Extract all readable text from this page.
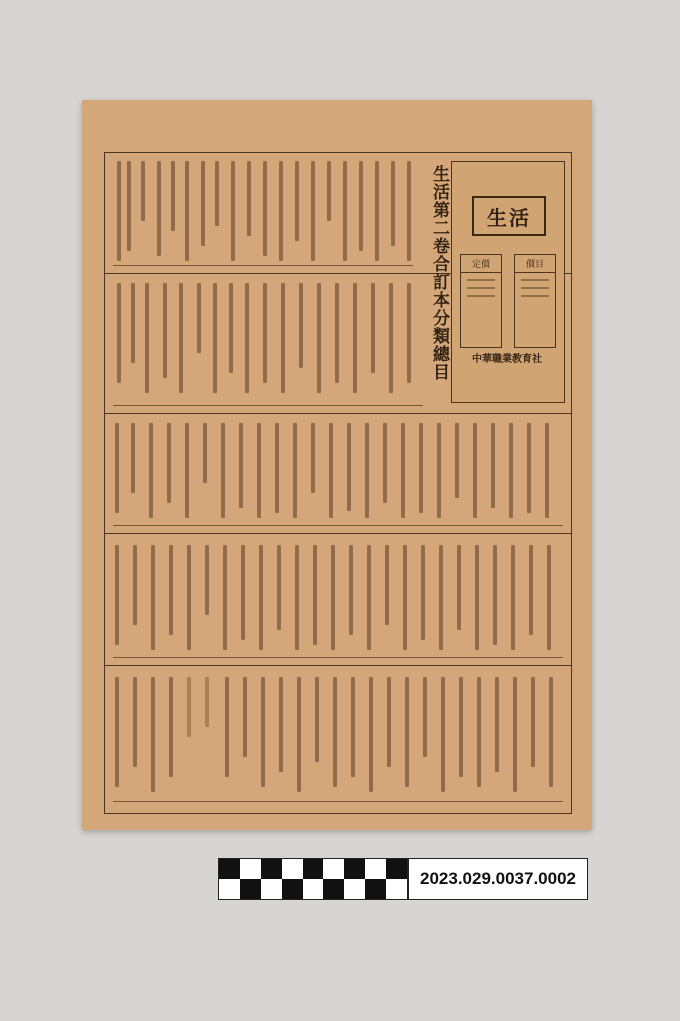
生活
定價	價目
中華職業教育社
生活第二卷合訂本分類總目
2023.029.0037.0002
